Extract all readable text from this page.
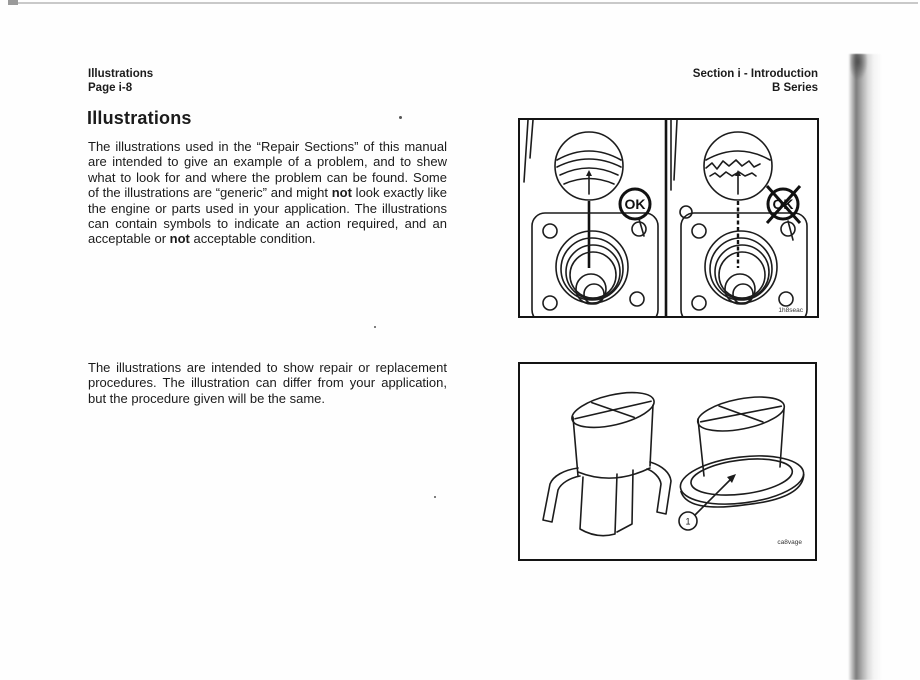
Illustrations
Page i-8
Section i - Introduction
B Series
Illustrations

The illustrations used in the “Repair Sections” of this manual are intended to give an example of a problem, and to shew what to look for and where the problem can be found. Some of the illustrations are “generic” and might not look exactly like the engine or parts used in your application. The illustrations can contain symbols to indicate an action required, and an acceptable or not acceptable condition.

The illustrations are intended to show repair or replacement procedures. The illustration can differ from your application, but the procedure given will be the same.

OK	OK
1h8seac
1
ca8vage
